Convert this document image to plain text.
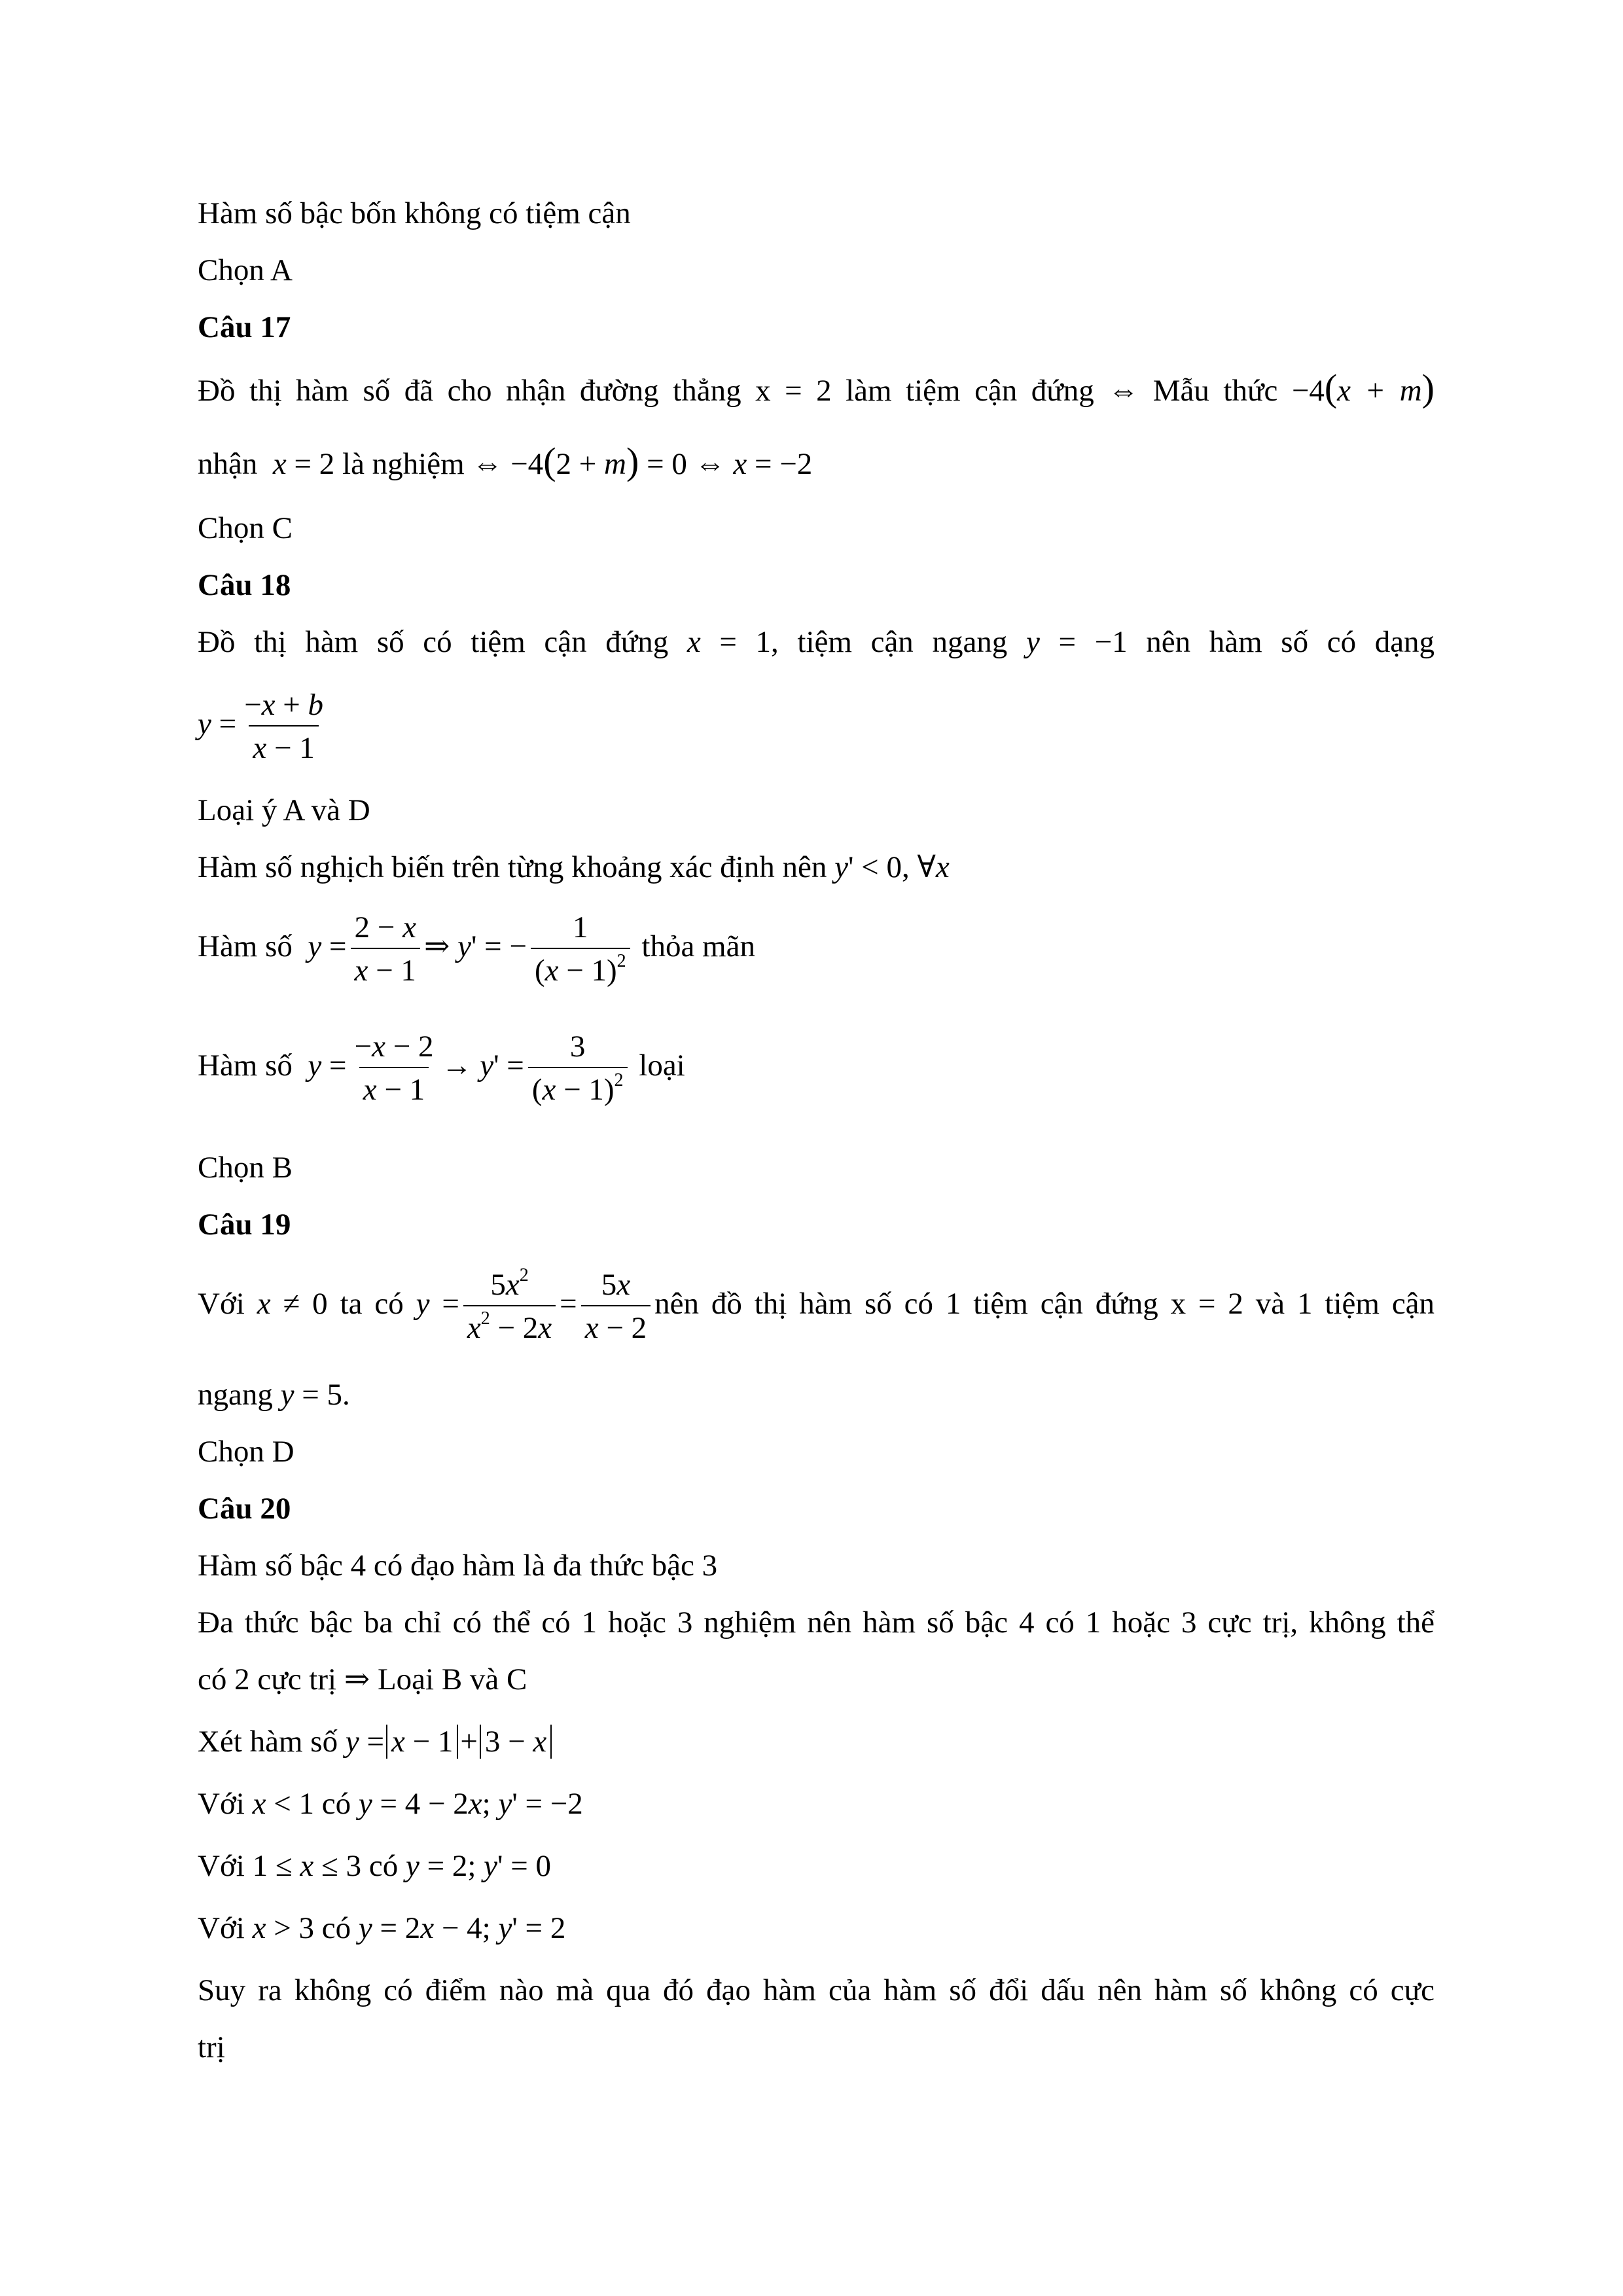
Hàm số bậc bốn không có tiệm cận
Chọn A
Câu 17
Đồ thị hàm số đã cho nhận đường thẳng x = 2 làm tiệm cận đứng ⇔ Mẫu thức −4(x + m)
nhận  x = 2 là nghiệm ⇔ −4(2 + m) = 0 ⇔ x = −2
Chọn C
Câu 18
Đồ thị hàm số có tiệm cận đứng x = 1, tiệm cận ngang y = −1 nên hàm số có dạng
$y = \frac{-x + b}{x - 1}$
Loại ý A và D
Hàm số nghịch biến trên từng khoảng xác định nên y' < 0, ∀x
Hàm số  $y = \frac{2 - x}{x - 1}$ ⇒ y' = − $\frac{1}{(x - 1)^2}$ thỏa mãn
Hàm số  $y = \frac{-x - 2}{x - 1} \to y' = \frac{3}{(x - 1)^2}$ loại
Chọn B
Câu 19
Với x ≠ 0 ta có $y = \frac{5x^2}{x^2 - 2x} = \frac{5x}{x - 2}$ nên đồ thị hàm số có 1 tiệm cận đứng x = 2 và 1 tiệm cận
ngang y = 5.
Chọn D
Câu 20
Hàm số bậc 4 có đạo hàm là đa thức bậc 3
Đa thức bậc ba chỉ có thể có 1 hoặc 3 nghiệm nên hàm số bậc 4 có 1 hoặc 3 cực trị, không thể
có 2 cực trị ⇒ Loại B và C
Xét hàm số y = x − 1 + 3 − x
Với x < 1 có y = 4 − 2x; y' = −2
Với 1 ≤ x ≤ 3 có y = 2; y' = 0
Với x > 3 có y = 2x − 4; y' = 2
Suy ra không có điểm nào mà qua đó đạo hàm của hàm số đổi dấu nên hàm số không có cực
trị
